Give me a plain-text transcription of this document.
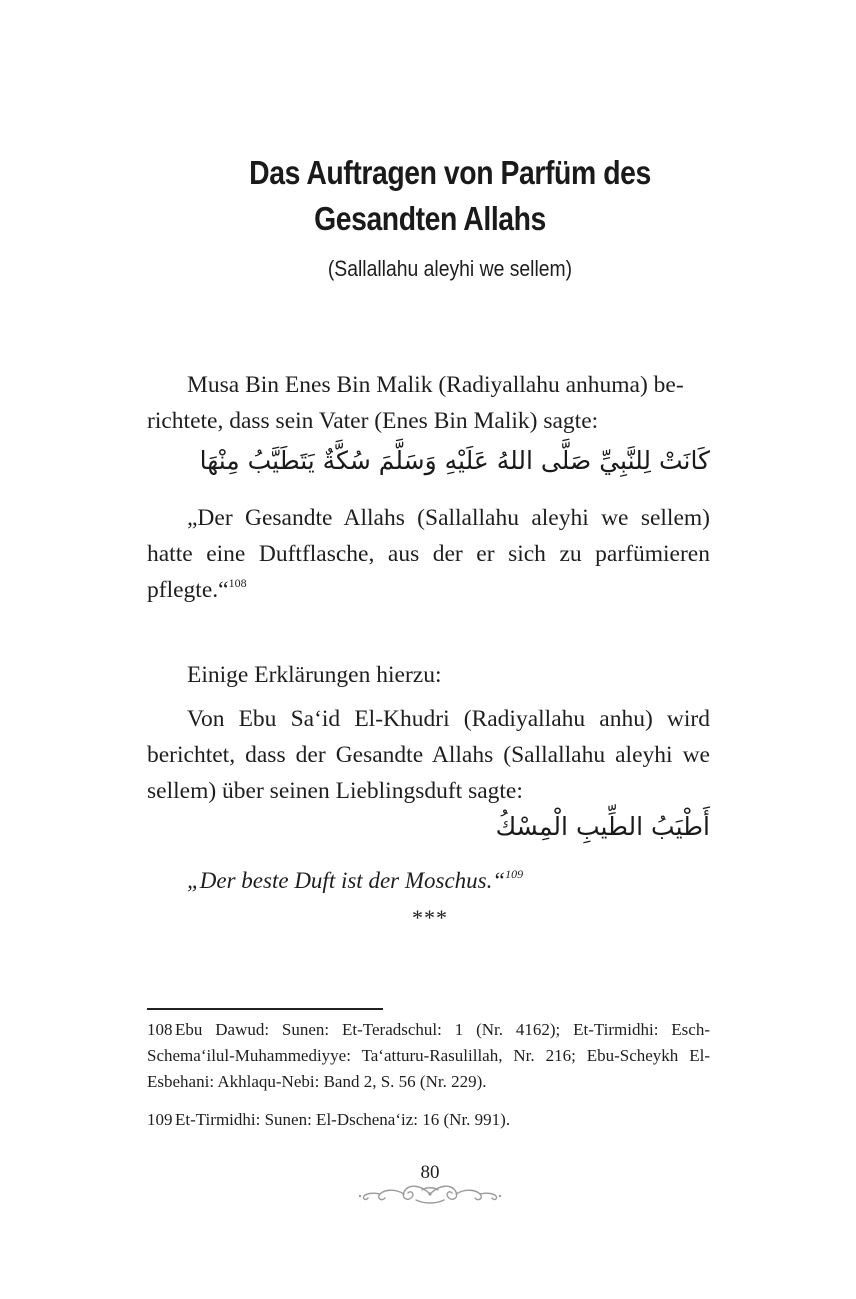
Das Auftragen von Parfüm des
Gesandten Allahs
(Sallallahu aleyhi we sellem)
Musa Bin Enes Bin Malik (Radiyallahu anhuma) be-
richtete, dass sein Vater (Enes Bin Malik) sagte:
كَانَتْ لِلنَّبِيِّ صَلَّى اللهُ عَلَيْهِ وَسَلَّمَ سُكَّةٌ يَتَطَيَّبُ مِنْهَا
„Der Gesandte Allahs (Sallallahu aleyhi we sellem) hatte eine Duftflasche, aus der er sich zu parfümieren pflegte.“$^{108}$
Einige Erklärungen hierzu:
Von Ebu Sa‘id El-Khudri (Radiyallahu anhu) wird berichtet, dass der Gesandte Allahs (Sallallahu aleyhi we sellem) über seinen Lieblingsduft sagte:
أَطْيَبُ الطِّيبِ الْمِسْكُ
„Der beste Duft ist der Moschus.“$^{109}$
***
108 Ebu Dawud: Sunen: Et-Teradschul: 1 (Nr. 4162); Et-Tirmidhi: Esch-Schema‘ilul-Muhammediyye: Ta‘atturu-Rasulillah, Nr. 216; Ebu-Scheykh El-Esbehani: Akhlaqu-Nebi: Band 2, S. 56 (Nr. 229).
109 Et-Tirmidhi: Sunen: El-Dschena‘iz: 16 (Nr. 991).
80
